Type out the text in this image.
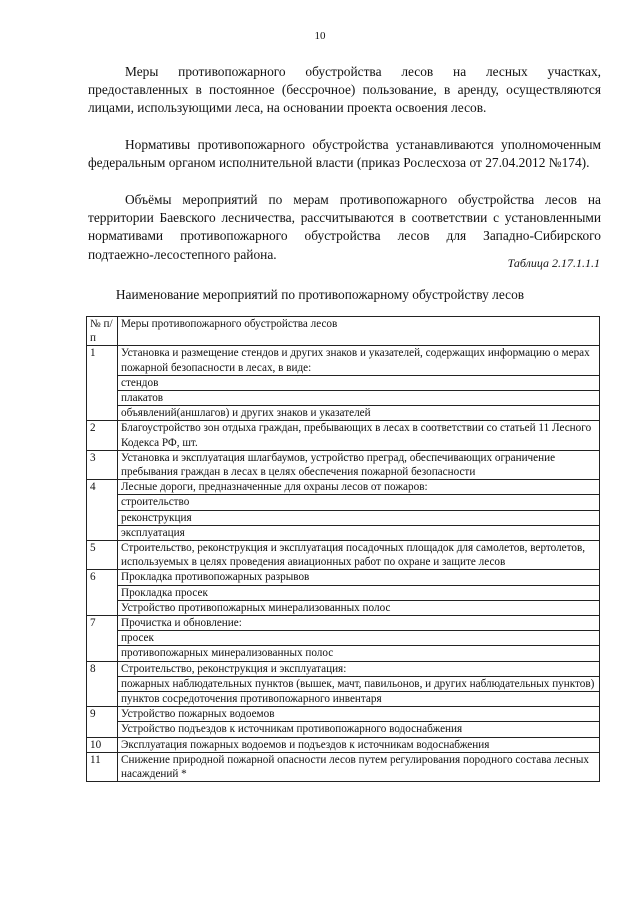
10

Меры противопожарного обустройства лесов на лесных участках, предоставленных в постоянное (бессрочное) пользование, в аренду, осуществляются лицами, использующими леса, на основании проекта освоения лесов.

Нормативы противопожарного обустройства устанавливаются уполномоченным федеральным органом исполнительной власти (приказ Рослесхоза от 27.04.2012 №174).

Объёмы мероприятий по мерам противопожарного обустройства лесов на территории Баевского лесничества, рассчитываются в соответствии с установленными нормативами противопожарного обустройства лесов для Западно-Сибирского подтаежно-лесостепного района.

Таблица 2.17.1.1.1
Наименование мероприятий по противопожарному обустройству лесов
№ п/п	Меры противопожарного обустройства лесов
1	Установка и размещение стендов и других знаков и указателей, содержащих информацию о мерах пожарной безопасности в лесах, в виде:
	стендов
	плакатов
	объявлений(аншлагов) и других знаков и указателей
2	Благоустройство зон отдыха граждан, пребывающих в лесах в соответствии со статьей 11 Лесного Кодекса РФ, шт.
3	Установка и эксплуатация шлагбаумов, устройство преград, обеспечивающих ограничение пребывания граждан в лесах в целях обеспечения пожарной безопасности
4	Лесные дороги, предназначенные для охраны лесов от пожаров:
	строительство
	реконструкция
	эксплуатация
5	Строительство, реконструкция и эксплуатация посадочных площадок для самолетов, вертолетов, используемых в целях проведения авиационных работ по охране и защите лесов
6	Прокладка противопожарных разрывов
	Прокладка просек
	Устройство противопожарных минерализованных полос
7	Прочистка и обновление:
	просек
	противопожарных минерализованных полос
8	Строительство, реконструкция и эксплуатация:
	пожарных наблюдательных пунктов (вышек, мачт, павильонов, и других наблюдательных пунктов)
	пунктов сосредоточения противопожарного инвентаря
9	Устройство пожарных водоемов
	Устройство подъездов к источникам противопожарного водоснабжения
10	Эксплуатация пожарных водоемов и подъездов к источникам водоснабжения
11	Снижение природной пожарной опасности лесов путем регулирования породного состава лесных насаждений *
